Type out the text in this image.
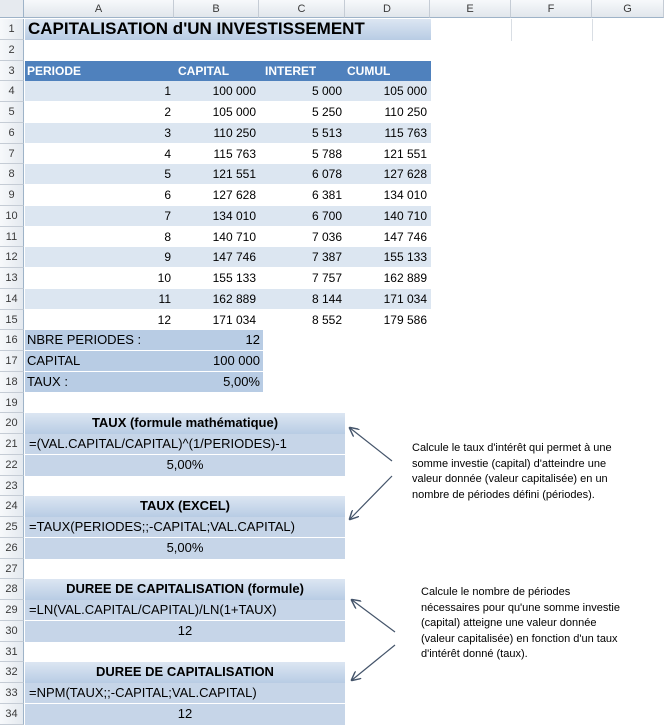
A	B	C	D	E	F	G
1
2
3
4
5
6
7
8
9
10
11
12
13
14
15
16
17
18
19
20
21
22
23
24
25
26
27
28
29
30
31
32
33
34
CAPITALISATION d'UN INVESTISSEMENT
PERIODE	CAPITAL	INTERET	CUMUL
1	100 000	5 000	105 000
2	105 000	5 250	110 250
3	110 250	5 513	115 763
4	115 763	5 788	121 551
5	121 551	6 078	127 628
6	127 628	6 381	134 010
7	134 010	6 700	140 710
8	140 710	7 036	147 746
9	147 746	7 387	155 133
10	155 133	7 757	162 889
11	162 889	8 144	171 034
12	171 034	8 552	179 586
NBRE PERIODES :	12
CAPITAL	100 000
TAUX :	5,00%
TAUX (formule mathématique)
=(VAL.CAPITAL/CAPITAL)^(1/PERIODES)-1
5,00%
TAUX (EXCEL)
=TAUX(PERIODES;;-CAPITAL;VAL.CAPITAL)
5,00%
DUREE DE CAPITALISATION (formule)
=LN(VAL.CAPITAL/CAPITAL)/LN(1+TAUX)
12
DUREE DE CAPITALISATION
=NPM(TAUX;;-CAPITAL;VAL.CAPITAL)
12
Calcule le taux d'intérêt qui permet à une
somme investie (capital) d'atteindre une
valeur donnée (valeur capitalisée) en un
nombre de périodes défini (périodes).
Calcule le nombre de périodes
nécessaires pour qu'une somme investie
(capital) atteigne une valeur donnée
(valeur capitalisée) en fonction d'un taux
d'intérêt donné (taux).
